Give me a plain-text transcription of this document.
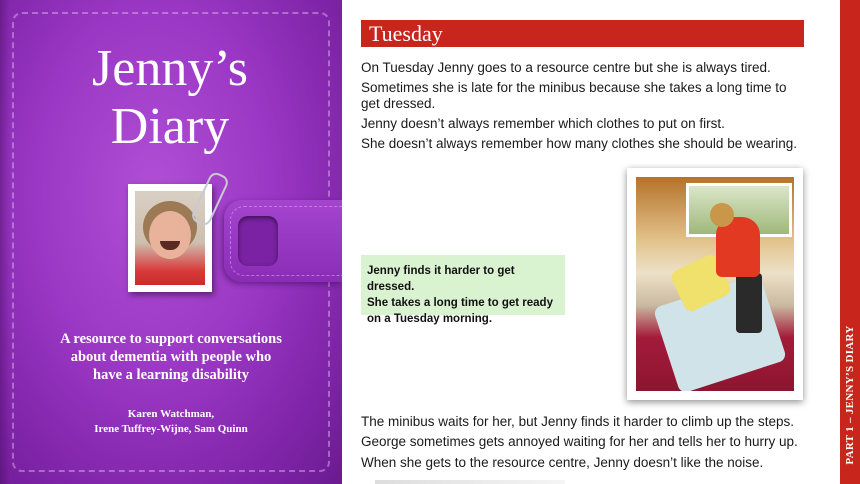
Jenny’s
Diary
A resource to support conversations
about dementia with people who
have a learning disability
Karen Watchman,
Irene Tuffrey-Wijne, Sam Quinn
Tuesday
On Tuesday Jenny goes to a resource centre but she is always tired.
Sometimes she is late for the minibus because she takes a long time to get dressed.
Jenny doesn’t always remember which clothes to put on first.
She doesn’t always remember how many clothes she should be wearing.

Jenny finds it harder to get dressed.
She takes a long time to get ready
on a Tuesday morning.

The minibus waits for her, but Jenny finds it harder to climb up the steps.
George sometimes gets annoyed waiting for her and tells her to hurry up.
When she gets to the resource centre, Jenny doesn’t like the noise.	PART 1 – JENNY’S DIARY
